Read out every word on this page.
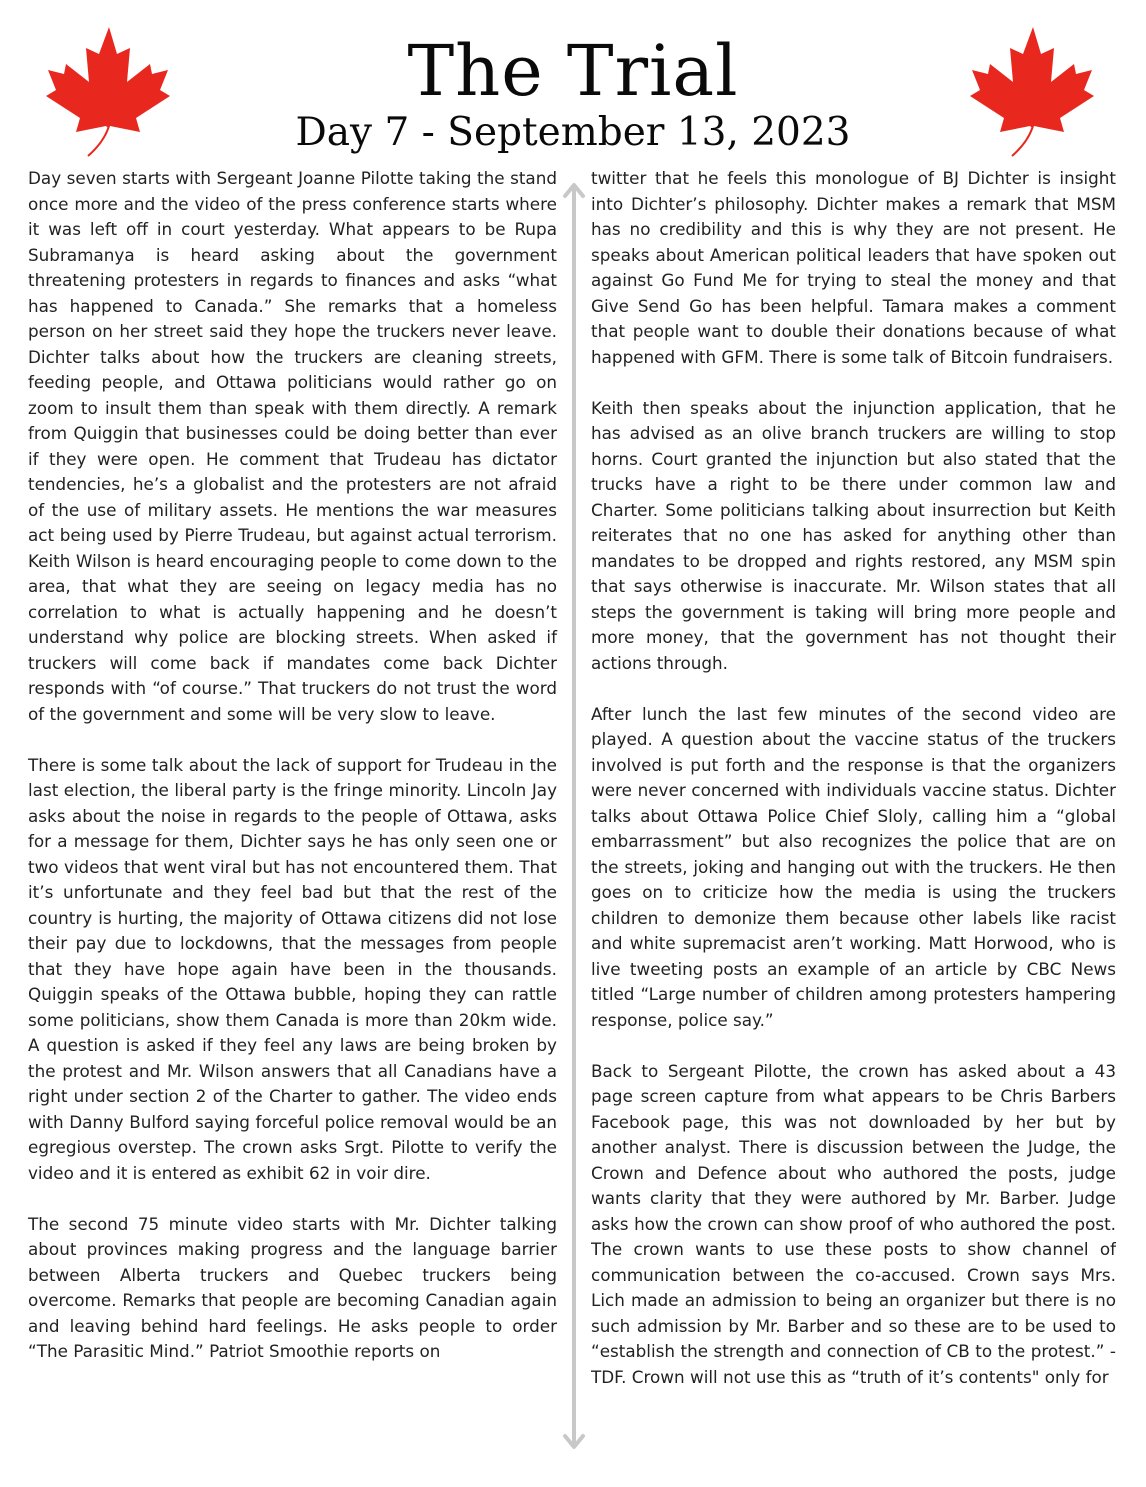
The Trial
Day 7 - September 13, 2023

Day seven starts with Sergeant Joanne Pilotte taking the stand once more and the video of the press conference starts where it was left off in court yesterday. What appears to be Rupa Subramanya is heard asking about the government threatening protesters in regards to finances and asks “what has happened to Canada.” She remarks that a homeless person on her street said they hope the truckers never leave. Dichter talks about how the truckers are cleaning streets, feeding people, and Ottawa politicians would rather go on zoom to insult them than speak with them directly. A remark from Quiggin that businesses could be doing better than ever if they were open. He comment that Trudeau has dictator tendencies, he’s a globalist and the protesters are not afraid of the use of military assets. He mentions the war measures act being used by Pierre Trudeau, but against actual terrorism. Keith Wilson is heard encouraging people to come down to the area, that what they are seeing on legacy media has no correlation to what is actually happening and he doesn’t understand why police are blocking streets. When asked if truckers will come back if mandates come back Dichter responds with “of course.” That truckers do not trust the word of the government and some will be very slow to leave.

There is some talk about the lack of support for Trudeau in the last election, the liberal party is the fringe minority. Lincoln Jay asks about the noise in regards to the people of Ottawa, asks for a message for them, Dichter says he has only seen one or two videos that went viral but has not encountered them. That it’s unfortunate and they feel bad but that the rest of the country is hurting, the majority of Ottawa citizens did not lose their pay due to lockdowns, that the messages from people that they have hope again have been in the thousands. Quiggin speaks of the Ottawa bubble, hoping they can rattle some politicians, show them Canada is more than 20km wide. A question is asked if they feel any laws are being broken by the protest and Mr. Wilson answers that all Canadians have a right under section 2 of the Charter to gather. The video ends with Danny Bulford saying forceful police removal would be an egregious overstep. The crown asks Srgt. Pilotte to verify the video and it is entered as exhibit 62 in voir dire.

The second 75 minute video starts with Mr. Dichter talking about provinces making progress and the language barrier between Alberta truckers and Quebec truckers being overcome. Remarks that people are becoming Canadian again and leaving behind hard feelings. He asks people to order “The Parasitic Mind.” Patriot Smoothie reports on

twitter that he feels this monologue of BJ Dichter is insight into Dichter’s philosophy. Dichter makes a remark that MSM has no credibility and this is why they are not present. He speaks about American political leaders that have spoken out against Go Fund Me for trying to steal the money and that Give Send Go has been helpful. Tamara makes a comment that people want to double their donations because of what happened with GFM. There is some talk of Bitcoin fundraisers.

Keith then speaks about the injunction application, that he has advised as an olive branch truckers are willing to stop horns. Court granted the injunction but also stated that the trucks have a right to be there under common law and Charter. Some politicians talking about insurrection but Keith reiterates that no one has asked for anything other than mandates to be dropped and rights restored, any MSM spin that says otherwise is inaccurate. Mr. Wilson states that all steps the government is taking will bring more people and more money, that the government has not thought their actions through.

After lunch the last few minutes of the second video are played. A question about the vaccine status of the truckers involved is put forth and the response is that the organizers were never concerned with individuals vaccine status. Dichter talks about Ottawa Police Chief Sloly, calling him a “global embarrassment” but also recognizes the police that are on the streets, joking and hanging out with the truckers. He then goes on to criticize how the media is using the truckers children to demonize them because other labels like racist and white supremacist aren’t working. Matt Horwood, who is live tweeting posts an example of an article by CBC News titled “Large number of children among protesters hampering response, police say.”

Back to Sergeant Pilotte, the crown has asked about a 43 page screen capture from what appears to be Chris Barbers Facebook page, this was not downloaded by her but by another analyst. There is discussion between the Judge, the Crown and Defence about who authored the posts, judge wants clarity that they were authored by Mr. Barber. Judge asks how the crown can show proof of who authored the post. The crown wants to use these posts to show channel of communication between the co-accused. Crown says Mrs. Lich made an admission to being an organizer but there is no such admission by Mr. Barber and so these are to be used to “establish the strength and connection of CB to the protest.” - TDF. Crown will not use this as “truth of it’s contents" only for
